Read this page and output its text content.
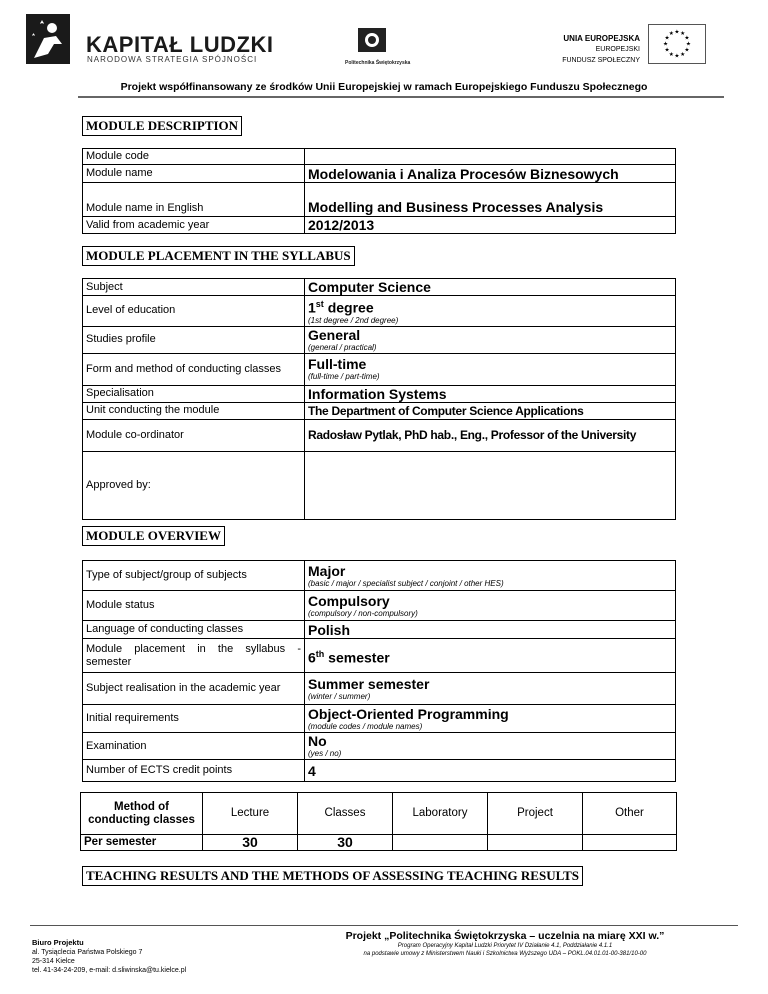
KAPITAŁ LUDZKI
NARODOWA STRATEGIA SPÓJNOŚCI	Politechnika Świętokrzyska
UNIA EUROPEJSKA
EUROPEJSKI
FUNDUSZ SPOŁECZNY
★ ★
★
★
★
★
★
★
★
★
★
★
Projekt współfinansowany ze środków Unii Europejskiej w ramach Europejskiego Funduszu Społecznego
MODULE DESCRIPTION
Module code	
Module name	Modelowania i Analiza Procesów Biznesowych
Module name in English	Modelling and Business Processes Analysis
Valid from academic year	2012/2013
MODULE PLACEMENT IN THE SYLLABUS
Subject	Computer Science
Level of education	1st degree
(1st degree / 2nd degree)

Studies profile	General
(general / practical)

Form and method of conducting classes	Full-time
(full-time / part-time)

Specialisation	Information Systems
Unit conducting the module	The Department of Computer Science Applications
Module co-ordinator	Radosław Pytlak, PhD hab., Eng., Professor of the University
Approved by:	
MODULE OVERVIEW
Type of subject/group of subjects	Major
(basic / major / specialist subject / conjoint / other HES)

Module status	Compulsory
(compulsory / non-compulsory)

Language of conducting classes	Polish
Module placement in the syllabus - semester	6th semester
Subject realisation in the academic year	Summer semester
(winter / summer)

Initial requirements	Object-Oriented Programming
(module codes / module names)

Examination	No
(yes / no)

Number of ECTS credit points	4
Method of conducting classes	Lecture	Classes	Laboratory	Project	Other
Per semester	30	30			
TEACHING RESULTS AND THE METHODS OF ASSESSING TEACHING RESULTS
Biuro Projektu
al. Tysiąclecia Państwa Polskiego 7
25-314 Kielce
tel. 41-34-24-209, e-mail: d.sliwinska@tu.kielce.pl
Projekt „Politechnika Świętokrzyska – uczelnia na miarę XXI w.”
Program Operacyjny Kapitał Ludzki Priorytet IV Działanie 4.1, Poddziałanie 4.1.1
na podstawie umowy z Ministerstwem Nauki i Szkolnictwa Wyższego UDA – POKL.04.01.01-00-381/10-00
